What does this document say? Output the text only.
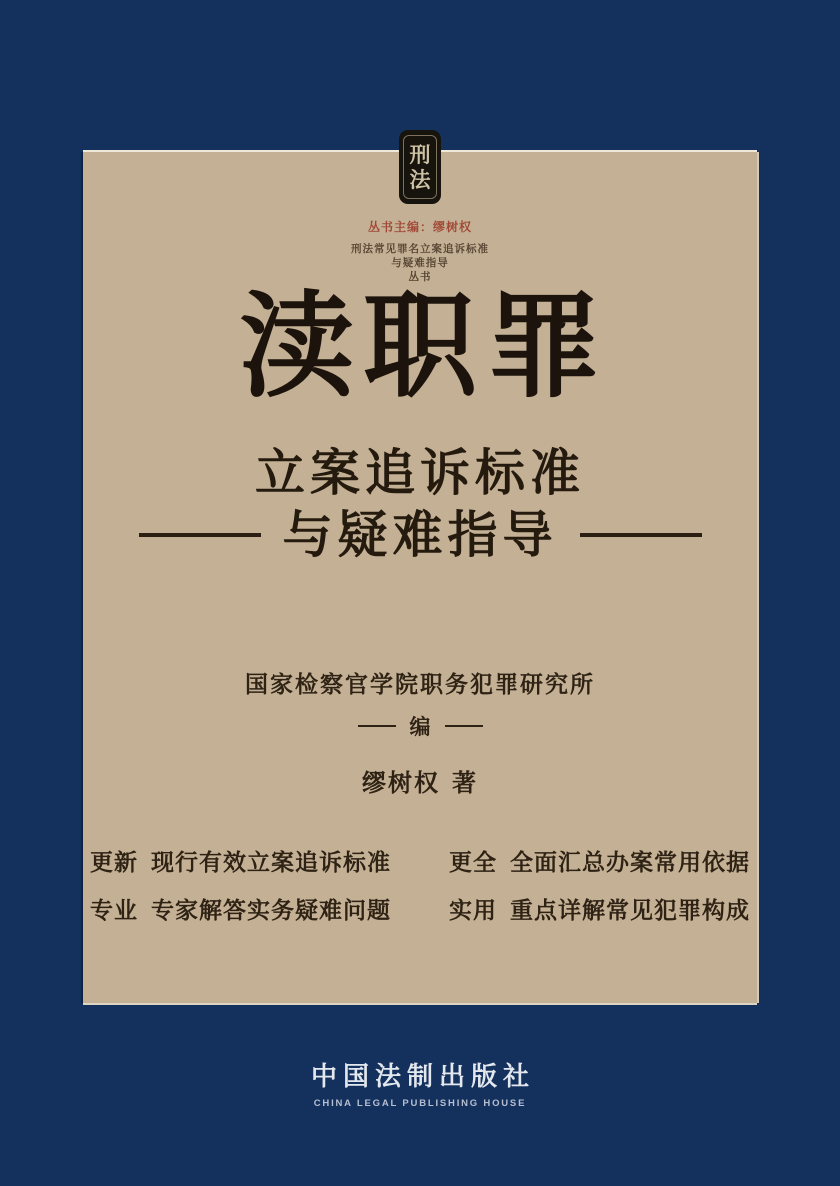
刑
法
丛书主编：缪树权
刑法常见罪名立案追诉标准
与疑难指导
丛书
渎职罪
立案追诉标准
与疑难指导
国家检察官学院职务犯罪研究所
编
缪树权 著
更新 现行有效立案追诉标准	更全 全面汇总办案常用依据
专业 专家解答实务疑难问题	实用 重点详解常见犯罪构成
中国法制出版社
CHINA LEGAL PUBLISHING HOUSE
